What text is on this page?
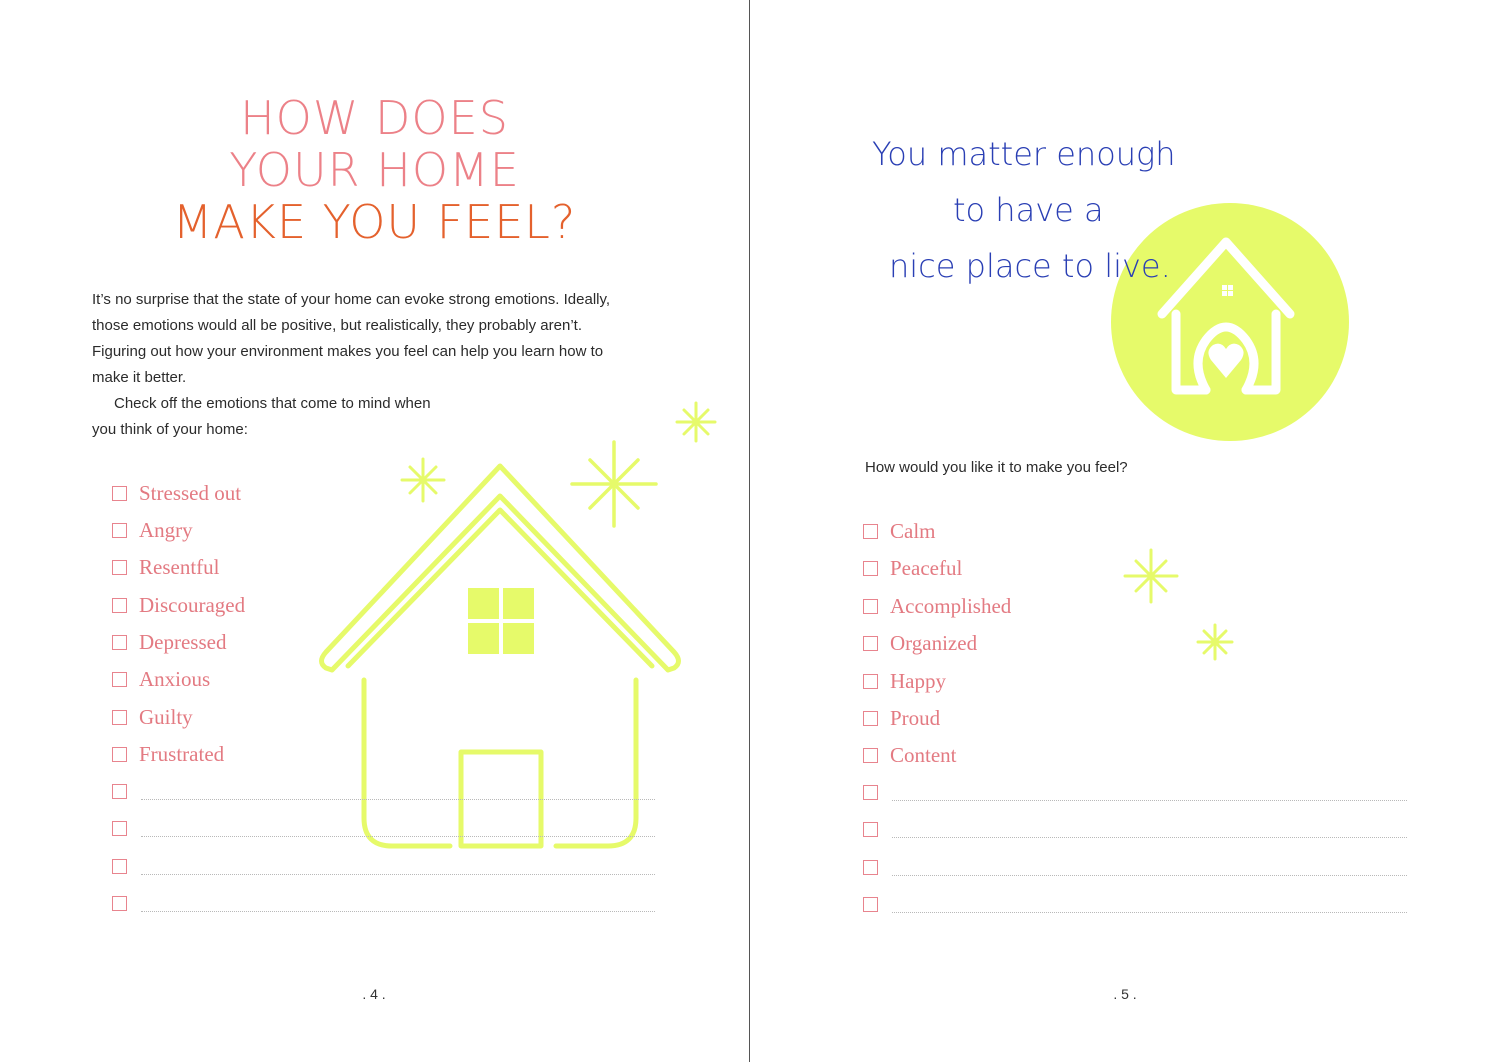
HOW DOES
YOUR HOME
MAKE YOU FEEL?
It’s no surprise that the state of your home can evoke strong emotions. Ideally,
those emotions would all be positive, but realistically, they probably aren’t.
Figuring out how your environment makes you feel can help you learn how to
make it better.
Check off the emotions that come to mind when
you think of your home:
Stressed out
Angry
Resentful
Discouraged
Depressed
Anxious
Guilty
Frustrated
. 4 .
You matter enough
to have a
nice place to live.
How would you like it to make you feel?
Calm
Peaceful
Accomplished
Organized
Happy
Proud
Content
. 5 .
